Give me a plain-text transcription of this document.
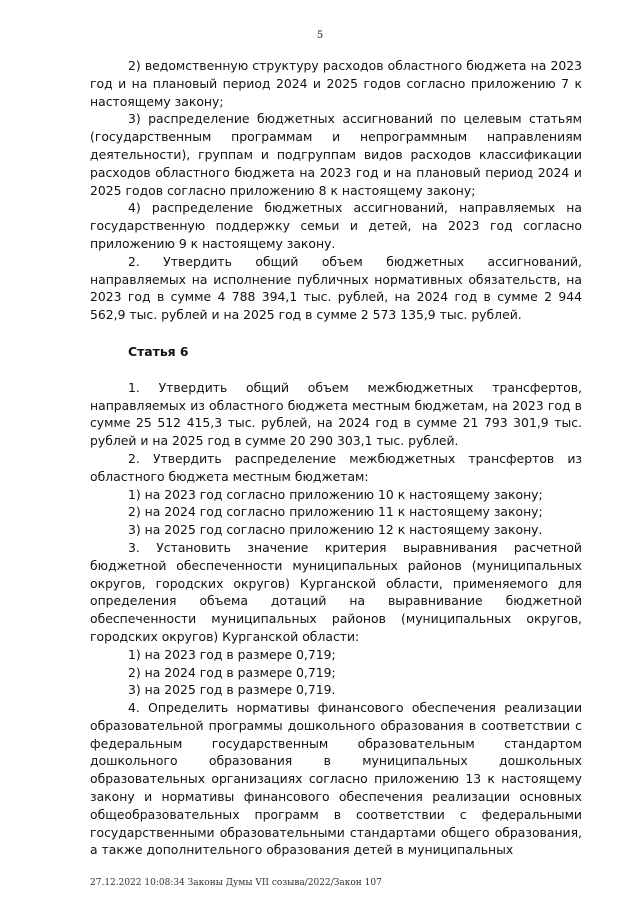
5

2) ведомственную структуру расходов областного бюджета на 2023 год и на плановый период 2024 и 2025 годов согласно приложению 7 к настоящему закону;

3) распределение бюджетных ассигнований по целевым статьям (государственным программам и непрограммным направлениям деятельности), группам и подгруппам видов расходов классификации расходов областного бюджета на 2023 год и на плановый период 2024 и 2025 годов согласно приложению 8 к настоящему закону;

4) распределение бюджетных ассигнований, направляемых на государственную поддержку семьи и детей, на 2023 год согласно приложению 9 к настоящему закону.

2. Утвердить общий объем бюджетных ассигнований, направляемых на исполнение публичных нормативных обязательств, на 2023 год в сумме 4 788 394,1 тыс. рублей, на 2024 год в сумме 2 944 562,9 тыс. рублей и на 2025 год в сумме 2 573 135,9 тыс. рублей.

Статья 6

1. Утвердить общий объем межбюджетных трансфертов, направляемых из областного бюджета местным бюджетам, на 2023 год в сумме 25 512 415,3 тыс. рублей, на 2024 год в сумме 21 793 301,9 тыс. рублей и на 2025 год в сумме 20 290 303,1 тыс. рублей.

2. Утвердить распределение межбюджетных трансфертов из областного бюджета местным бюджетам:

1) на 2023 год согласно приложению 10 к настоящему закону;

2) на 2024 год согласно приложению 11 к настоящему закону;

3) на 2025 год согласно приложению 12 к настоящему закону.

3. Установить значение критерия выравнивания расчетной бюджетной обеспеченности муниципальных районов (муниципальных округов, городских округов) Курганской области, применяемого для определения объема дотаций на выравнивание бюджетной обеспеченности муниципальных районов (муниципальных округов, городских округов) Курганской области:

1) на 2023 год в размере 0,719;

2) на 2024 год в размере 0,719;

3) на 2025 год в размере 0,719.

4. Определить нормативы финансового обеспечения реализации образовательной программы дошкольного образования в соответствии с федеральным государственным образовательным стандартом дошкольного образования в муниципальных дошкольных образовательных организациях согласно приложению 13 к настоящему закону и нормативы финансового обеспечения реализации основных общеобразовательных программ в соответствии с федеральными государственными образовательными стандартами общего образования, а также дополнительного образования детей в муниципальных

27.12.2022 10:08:34 Законы Думы VII созыва/2022/Закон 107
